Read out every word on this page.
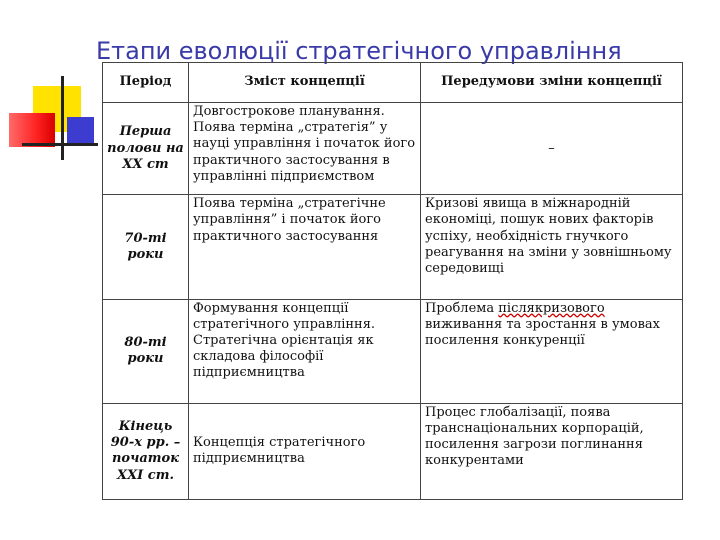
Етапи еволюції стратегічного управління
Період	Зміст концепції	Передумови зміни концепції
Перша полови на ХХ ст	Довгострокове планування. Поява терміна „стратегія” у науці управління і початок його практичного застосування в управлінні підприємством	–
70-ті роки	Поява терміна „стратегічне управління” і початок його практичного застосування	Кризові явища в міжнародній економіці, пошук нових факторів успіху, необхідність гнучкого реагування на зміни у зовнішньому середовищі
80-ті роки	Формування концепції стратегічного управління. Стратегічна орієнтація як складова філософії підприємництва	Проблема післякризового виживання та зростання в умовах посилення конкуренції
Кінець 90-х рр. – початок ХХІ ст.	Концепція стратегічного підприємництва	Процес глобалізації, поява транснаціональних корпорацій, посилення загрози поглинання конкурентами
